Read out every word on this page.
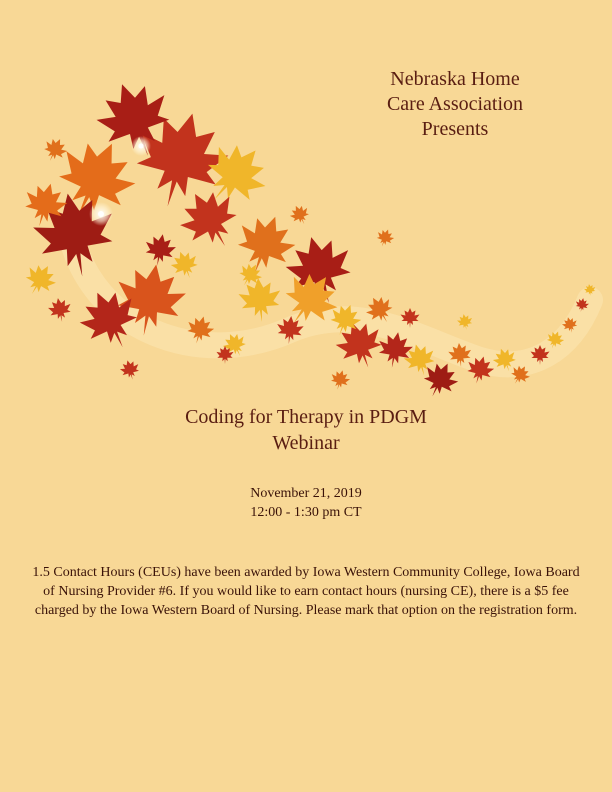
Nebraska Home
Care Association
Presents
Coding for Therapy in PDGM
Webinar
November 21, 2019
12:00 - 1:30 pm CT
1.5 Contact Hours (CEUs) have been awarded by Iowa Western Community College, Iowa Board of Nursing Provider #6. If you would like to earn contact hours (nursing CE), there is a $5 fee charged by the Iowa Western Board of Nursing. Please mark that option on the registration form.
